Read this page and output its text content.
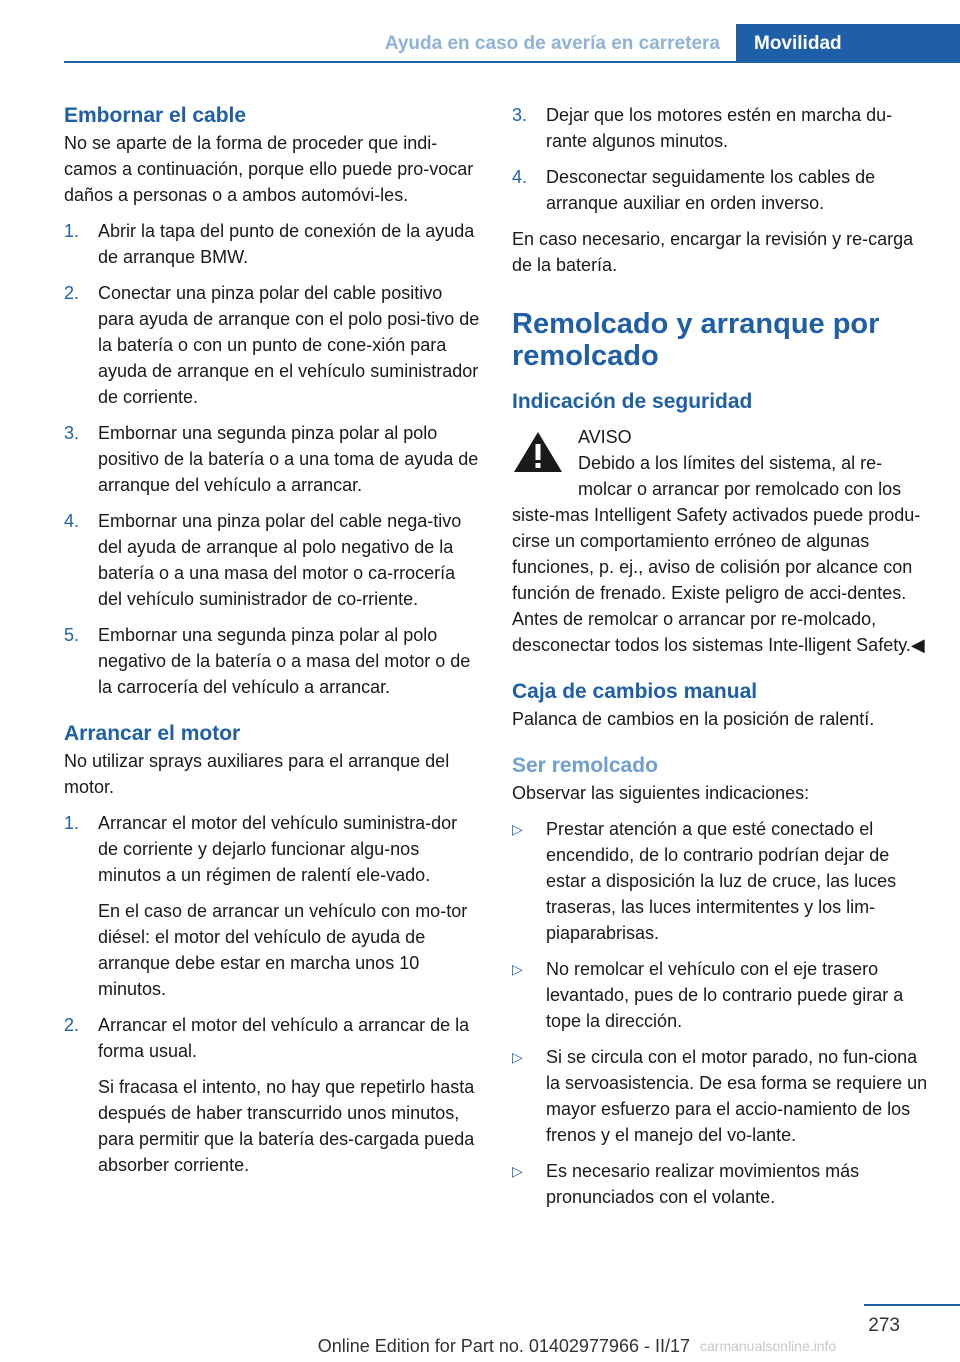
Ayuda en caso de avería en carretera	Movilidad
Embornar el cable

No se aparte de la forma de proceder que indi-camos a continuación, porque ello puede pro-vocar daños a personas o a ambos automóvi-les.

1.	Abrir la tapa del punto de conexión de la ayuda de arranque BMW.
2.	Conectar una pinza polar del cable positivo para ayuda de arranque con el polo posi-tivo de la batería o con un punto de cone-xión para ayuda de arranque en el vehículo suministrador de corriente.
3.	Embornar una segunda pinza polar al polo positivo de la batería o a una toma de ayuda de arranque del vehículo a arrancar.
4.	Embornar una pinza polar del cable nega-tivo del ayuda de arranque al polo negativo de la batería o a una masa del motor o ca-rrocería del vehículo suministrador de co-rriente.
5.	Embornar una segunda pinza polar al polo negativo de la batería o a masa del motor o de la carrocería del vehículo a arrancar.
Arrancar el motor

No utilizar sprays auxiliares para el arranque del motor.

1.	Arrancar el motor del vehículo suministra-dor de corriente y dejarlo funcionar algu-nos minutos a un régimen de ralentí ele-vado.
En el caso de arrancar un vehículo con mo-tor diésel: el motor del vehículo de ayuda de arranque debe estar en marcha unos 10 minutos.
2.	Arrancar el motor del vehículo a arrancar de la forma usual.
Si fracasa el intento, no hay que repetirlo hasta después de haber transcurrido unos minutos, para permitir que la batería des-cargada pueda absorber corriente.
3.	Dejar que los motores estén en marcha du-rante algunos minutos.
4.	Desconectar seguidamente los cables de arranque auxiliar en orden inverso.

En caso necesario, encargar la revisión y re-carga de la batería.

Remolcado y arranque por remolcado
Indicación de seguridad

AVISO

Debido a los límites del sistema, al re-molcar o arrancar por remolcado con los siste-mas Intelligent Safety activados puede produ-cirse un comportamiento erróneo de algunas funciones, p. ej., aviso de colisión por alcance con función de frenado. Existe peligro de acci-dentes. Antes de remolcar o arrancar por re-molcado, desconectar todos los sistemas Inte-lligent Safety.◀

Caja de cambios manual

Palanca de cambios en la posición de ralentí.

Ser remolcado

Observar las siguientes indicaciones:

▷	Prestar atención a que esté conectado el encendido, de lo contrario podrían dejar de estar a disposición la luz de cruce, las luces traseras, las luces intermitentes y los lim-piaparabrisas.
▷	No remolcar el vehículo con el eje trasero levantado, pues de lo contrario puede girar a tope la dirección.
▷	Si se circula con el motor parado, no fun-ciona la servoasistencia. De esa forma se requiere un mayor esfuerzo para el accio-namiento de los frenos y el manejo del vo-lante.
▷	Es necesario realizar movimientos más pronunciados con el volante.
273
Online Edition for Part no. 01402977966 - II/17 carmanualsonline.info
